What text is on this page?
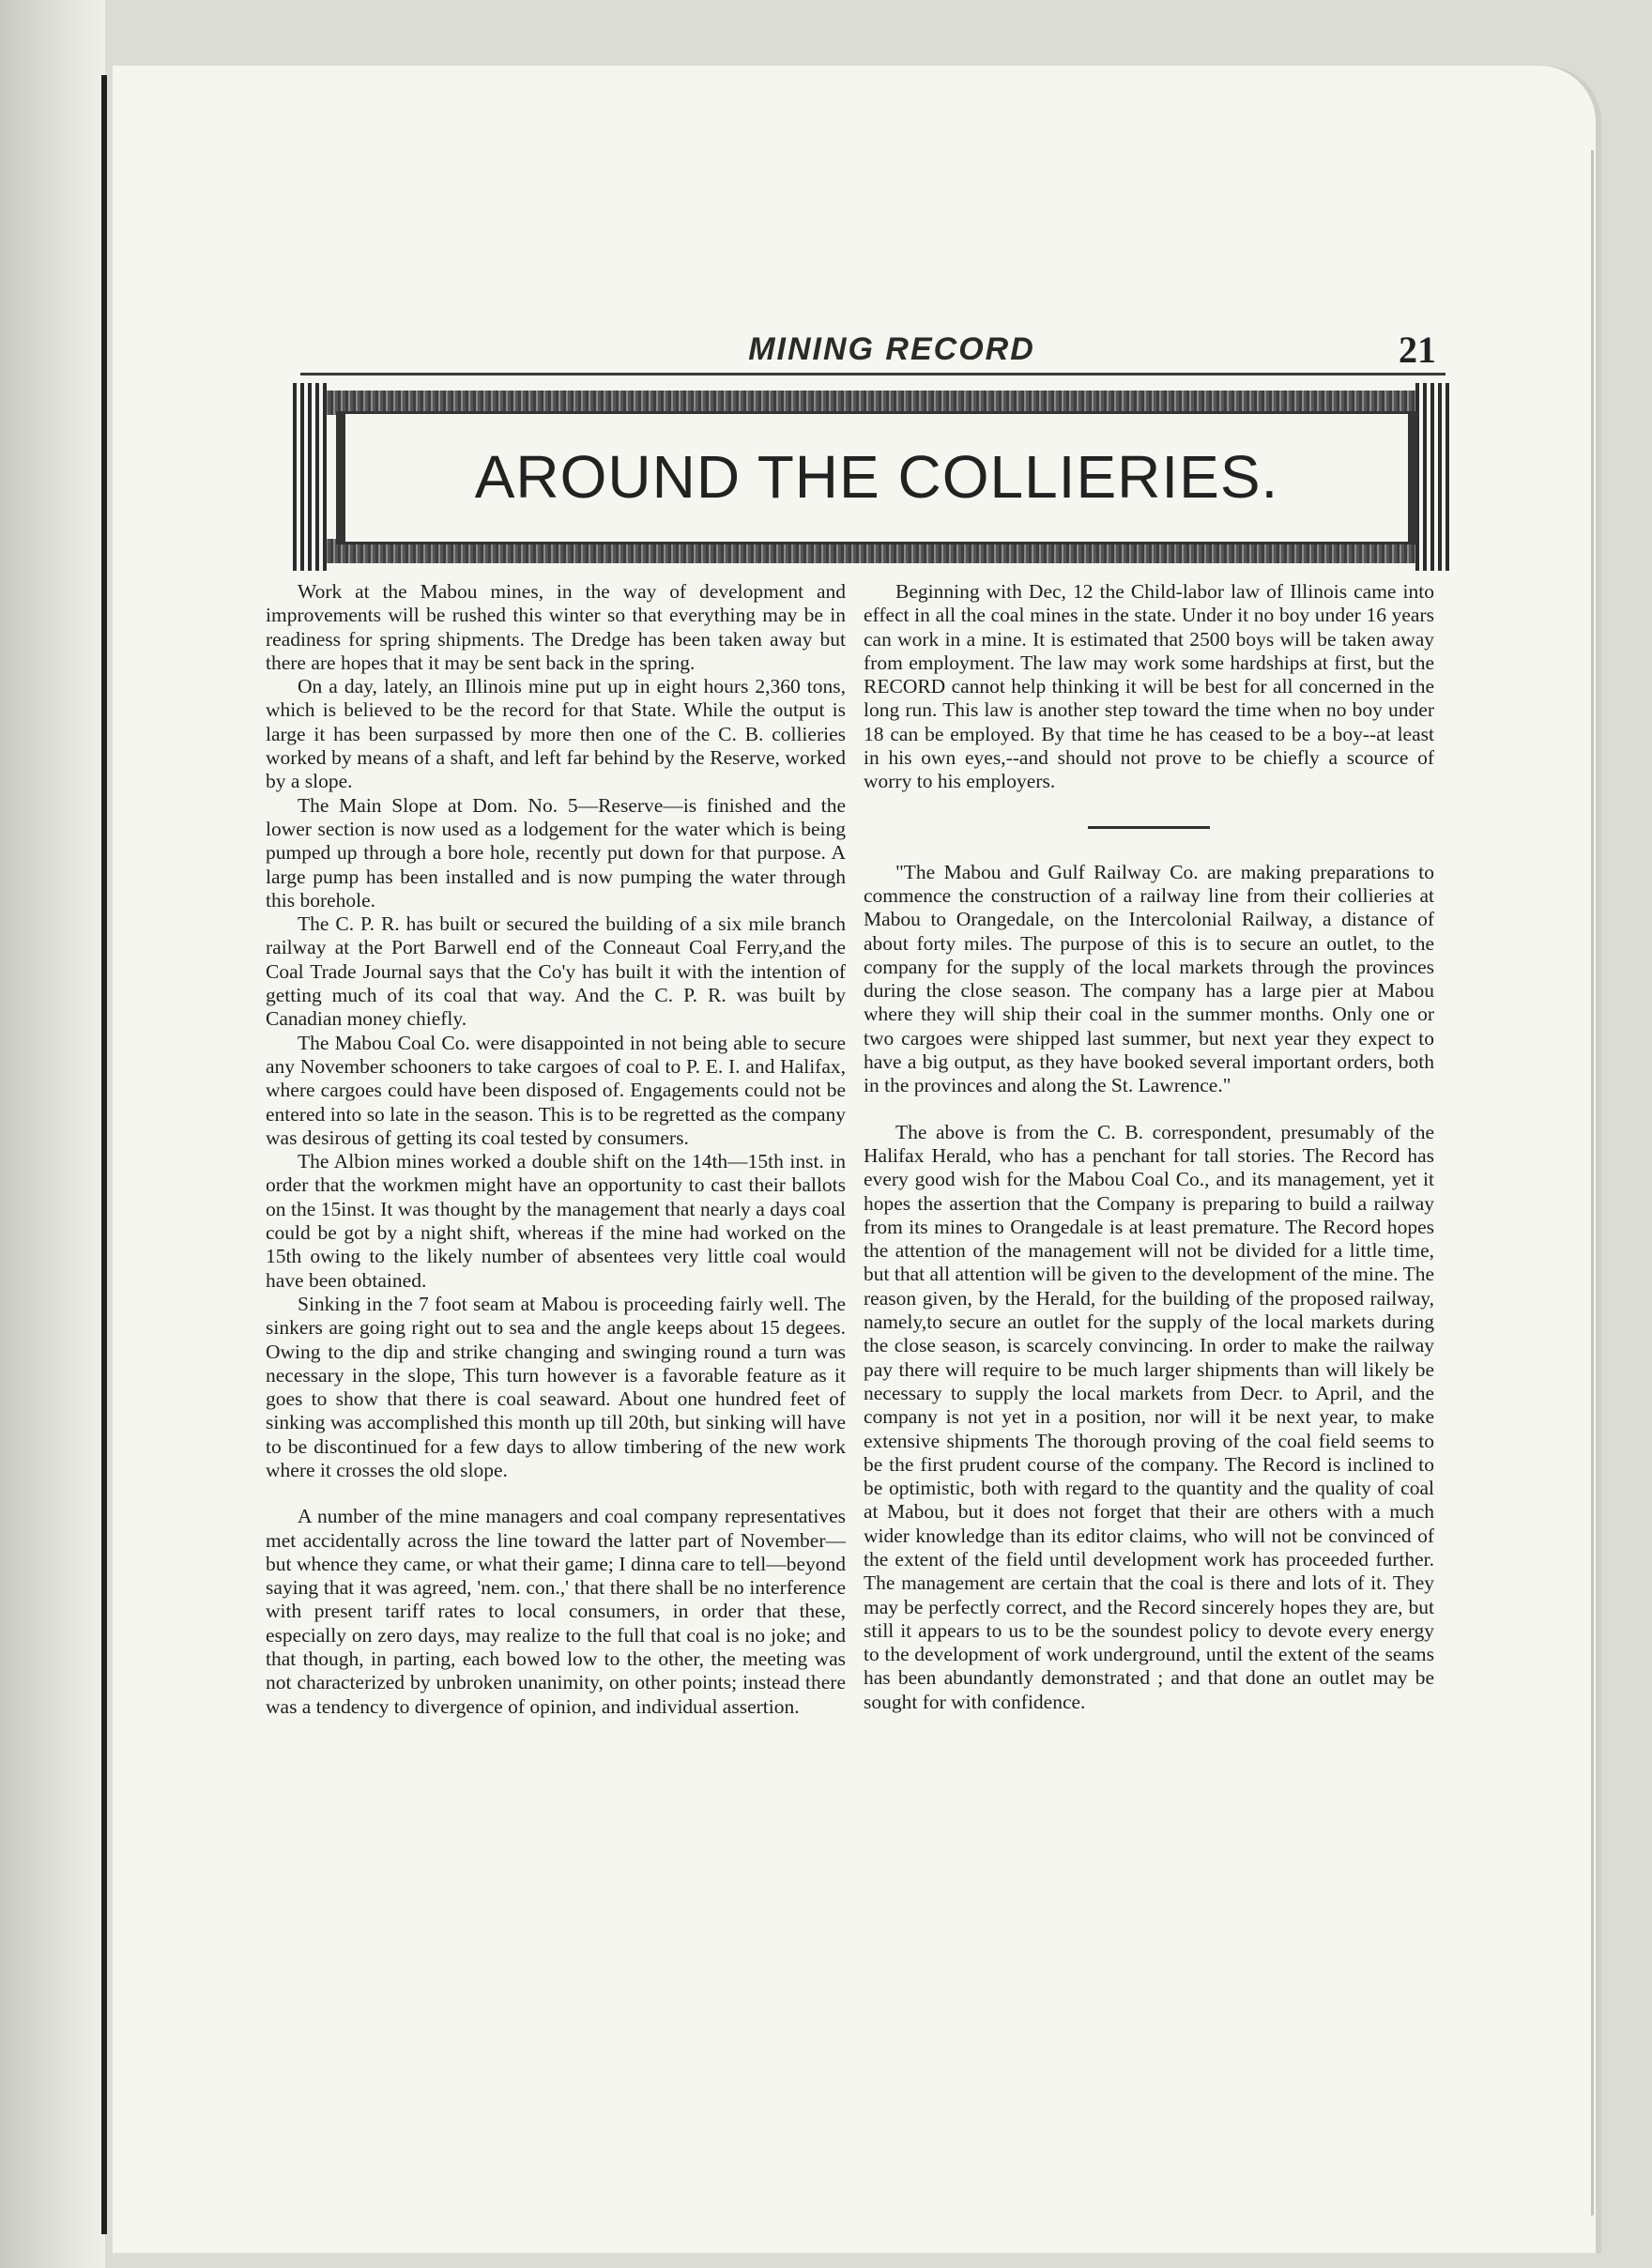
MINING RECORD	21
AROUND THE COLLIERIES.

Work at the Mabou mines, in the way of development and improvements will be rushed this winter so that everything may be in readiness for spring shipments. The Dredge has been taken away but there are hopes that it may be sent back in the spring.

On a day, lately, an Illinois mine put up in eight hours 2,360 tons, which is believed to be the record for that State. While the output is large it has been surpassed by more then one of the C. B. collieries worked by means of a shaft, and left far behind by the Reserve, worked by a slope.

The Main Slope at Dom. No. 5—Reserve—is finished and the lower section is now used as a lodgement for the water which is being pumped up through a bore hole, recently put down for that purpose. A large pump has been installed and is now pumping the water through this borehole.

The C. P. R. has built or secured the building of a six mile branch railway at the Port Barwell end of the Conneaut Coal Ferry,and the Coal Trade Journal says that the Co'y has built it with the intention of getting much of its coal that way. And the C. P. R. was built by Canadian money chiefly.

The Mabou Coal Co. were disappointed in not being able to secure any November schooners to take cargoes of coal to P. E. I. and Halifax, where cargoes could have been disposed of. Engagements could not be entered into so late in the season. This is to be regretted as the company was desirous of getting its coal tested by consumers.

The Albion mines worked a double shift on the 14th—15th inst. in order that the workmen might have an opportunity to cast their ballots on the 15inst. It was thought by the management that nearly a days coal could be got by a night shift, whereas if the mine had worked on the 15th owing to the likely number of absentees very little coal would have been obtained.

Sinking in the 7 foot seam at Mabou is proceeding fairly well. The sinkers are going right out to sea and the angle keeps about 15 degees. Owing to the dip and strike changing and swinging round a turn was necessary in the slope, This turn however is a favorable feature as it goes to show that there is coal seaward. About one hundred feet of sinking was accomplished this month up till 20th, but sinking will have to be discontinued for a few days to allow timbering of the new work where it crosses the old slope.

A number of the mine managers and coal company representatives met accidentally across the line toward the latter part of November—but whence they came, or what their game; I dinna care to tell—beyond saying that it was agreed, 'nem. con.,' that there shall be no interference with present tariff rates to local consumers, in order that these, especially on zero days, may realize to the full that coal is no joke; and that though, in parting, each bowed low to the other, the meeting was not characterized by unbroken unanimity, on other points; instead there was a tendency to divergence of opinion, and individual assertion.

Beginning with Dec, 12 the Child-labor law of Illinois came into effect in all the coal mines in the state. Under it no boy under 16 years can work in a mine. It is estimated that 2500 boys will be taken away from employment. The law may work some hardships at first, but the RECORD cannot help thinking it will be best for all concerned in the long run. This law is another step toward the time when no boy under 18 can be employed. By that time he has ceased to be a boy--at least in his own eyes,--and should not prove to be chiefly a scource of worry to his employers.

"The Mabou and Gulf Railway Co. are making preparations to commence the construction of a railway line from their collieries at Mabou to Orangedale, on the Intercolonial Railway, a distance of about forty miles. The purpose of this is to secure an outlet, to the company for the supply of the local markets through the provinces during the close season. The company has a large pier at Mabou where they will ship their coal in the summer months. Only one or two cargoes were shipped last summer, but next year they expect to have a big output, as they have booked several important orders, both in the provinces and along the St. Lawrence."

The above is from the C. B. correspondent, presumably of the Halifax Herald, who has a penchant for tall stories. The Record has every good wish for the Mabou Coal Co., and its management, yet it hopes the assertion that the Company is preparing to build a railway from its mines to Orangedale is at least premature. The Record hopes the attention of the management will not be divided for a little time, but that all attention will be given to the development of the mine. The reason given, by the Herald, for the building of the proposed railway, namely,to secure an outlet for the supply of the local markets during the close season, is scarcely convincing. In order to make the railway pay there will require to be much larger shipments than will likely be necessary to supply the local markets from Decr. to April, and the company is not yet in a position, nor will it be next year, to make extensive shipments The thorough proving of the coal field seems to be the first prudent course of the company. The Record is inclined to be optimistic, both with regard to the quantity and the quality of coal at Mabou, but it does not forget that their are others with a much wider knowledge than its editor claims, who will not be convinced of the extent of the field until development work has proceeded further. The management are certain that the coal is there and lots of it. They may be perfectly correct, and the Record sincerely hopes they are, but still it appears to us to be the soundest policy to devote every energy to the development of work underground, until the extent of the seams has been abundantly demonstrated ; and that done an outlet may be sought for with confidence.
